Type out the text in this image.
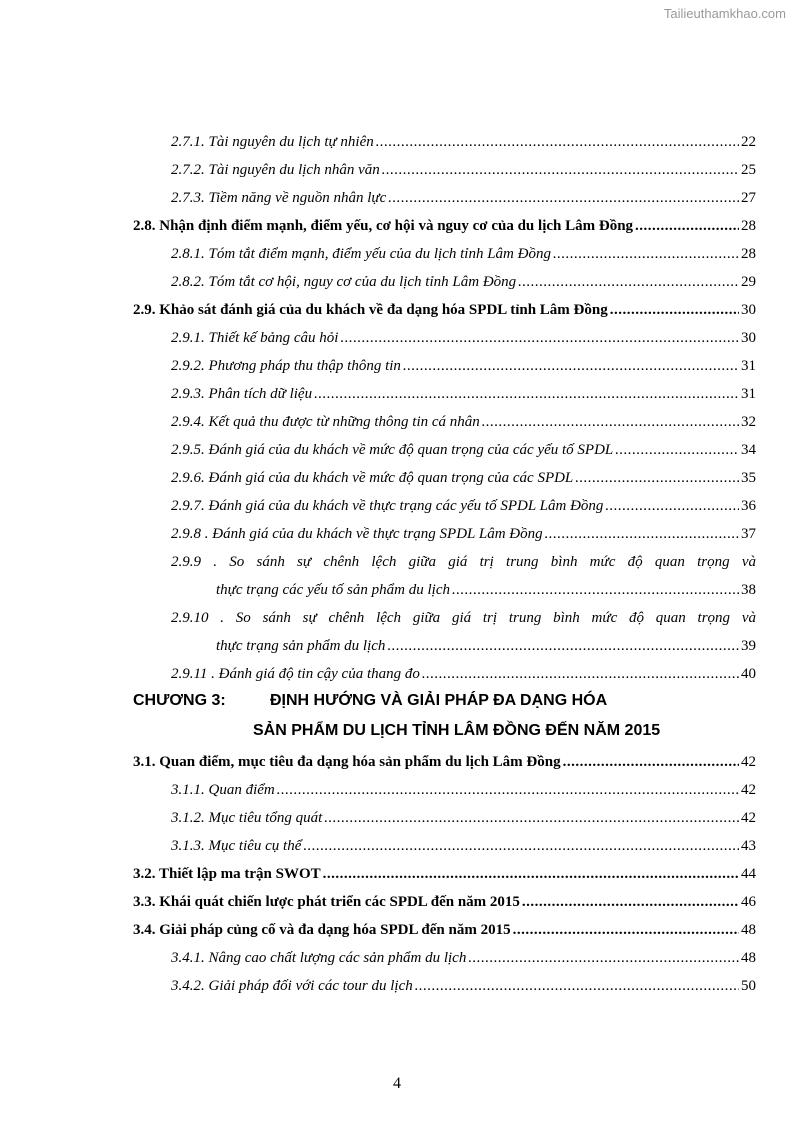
Tailieuthamkhao.com
2.7.1. Tài nguyên du lịch tự nhiên .....	22
2.7.2. Tài nguyên du lịch nhân văn .....	25
2.7.3. Tiềm năng về nguồn nhân lực .....	27
2.8. Nhận định điểm mạnh, điểm yếu, cơ hội và nguy cơ của du lịch Lâm Đồng .....	28
2.8.1. Tóm tắt điểm mạnh, điểm yếu của du lịch tỉnh Lâm Đồng .....	28
2.8.2. Tóm tắt cơ hội, nguy cơ của du lịch tỉnh Lâm Đồng .....	29
2.9. Khảo sát đánh giá của du khách về đa dạng hóa SPDL tỉnh Lâm Đồng .....	30
2.9.1. Thiết kế bảng câu hỏi .....	30
2.9.2. Phương pháp thu thập thông tin .....	31
2.9.3. Phân tích dữ liệu .....	31
2.9.4. Kết quả thu được từ những thông tin cá nhân .....	32
2.9.5. Đánh giá của du khách về mức độ quan trọng của các yếu tố SPDL .....	34
2.9.6. Đánh giá của du khách về mức độ quan trọng của các SPDL .....	35
2.9.7. Đánh giá của du khách về thực trạng các yếu tố SPDL Lâm Đồng .....	36
2.9.8 . Đánh giá của du khách về thực trạng SPDL Lâm Đồng .....	37
2.9.9 . So sánh sự chênh lệch giữa giá trị trung bình mức độ quan trọng và
thực trạng các yếu tố sản phẩm du lịch .....	38
2.9.10 . So sánh sự chênh lệch giữa giá trị trung bình mức độ quan trọng và
thực trạng sản phẩm du lịch .....	39
2.9.11 . Đánh giá độ tin cậy của thang đo .....	40
CHƯƠNG 3:	ĐỊNH HƯỚNG VÀ GIẢI PHÁP ĐA DẠNG HÓA
SẢN PHẨM DU LỊCH TỈNH LÂM ĐỒNG ĐẾN NĂM 2015
3.1. Quan điểm, mục tiêu đa dạng hóa sản phẩm du lịch Lâm Đồng .....	42
3.1.1. Quan điểm .....	42
3.1.2. Mục tiêu tổng quát .....	42
3.1.3. Mục tiêu cụ thể .....	43
3.2. Thiết lập ma trận SWOT .....	44
3.3. Khái quát chiến lược phát triển các SPDL đến năm 2015 .....	46
3.4. Giải pháp củng cố và đa dạng hóa SPDL đến năm 2015 .....	48
3.4.1. Nâng cao chất lượng các sản phẩm du lịch .....	48
3.4.2. Giải pháp đối với các tour du lịch .....	50
4
